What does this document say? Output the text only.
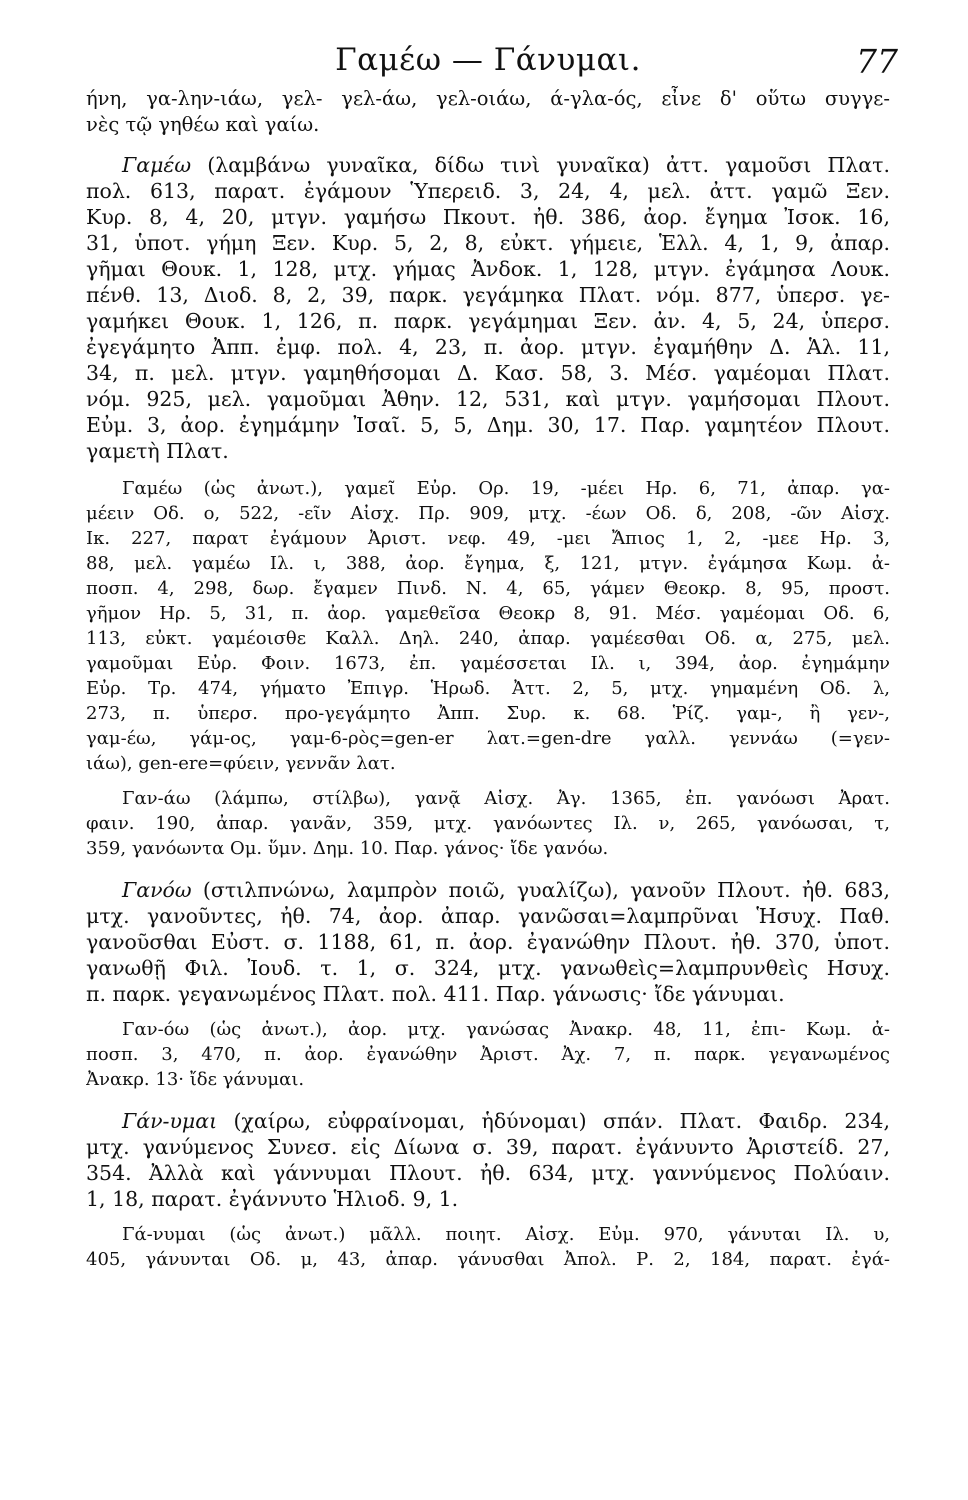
Γαμέω — Γάνυμαι.	77
ήνη, γα-λην-ιάω, γελ- γελ-άω, γελ-οιάω, ά-γλα-ός, εἶνε δ' οὕτω συγγε-
νὲς τῷ γηθέω καὶ γαίω.
Γαμέω (λαμβάνω γυναῖκα, δίδω τινὶ γυναῖκα) ἀττ. γαμοῦσι Πλατ.
πολ. 613, παρατ. ἐγάμουν Ὑπερειδ. 3, 24, 4, μελ. ἀττ. γαμῶ Ξεν.
Κυρ. 8, 4, 20, μτγν. γαμήσω Πκουτ. ἠθ. 386, ἀορ. ἔγημα Ἰσοκ. 16,
31, ὑποτ. γήμη Ξεν. Κυρ. 5, 2, 8, εὐκτ. γήμειε, Ἑλλ. 4, 1, 9, ἀπαρ.
γῆμαι Θουκ. 1, 128, μτχ. γήμας Ἀνδοκ. 1, 128, μτγν. ἐγάμησα Λουκ.
πένθ. 13, Διοδ. 8, 2, 39, παρκ. γεγάμηκα Πλατ. νόμ. 877, ὑπερσ. γε-
γαμήκει Θουκ. 1, 126, π. παρκ. γεγάμημαι Ξεν. ἀν. 4, 5, 24, ὑπερσ.
ἐγεγάμητο Ἀππ. ἐμφ. πολ. 4, 23, π. ἀορ. μτγν. ἐγαμήθην Δ. Ἁλ. 11,
34, π. μελ. μτγν. γαμηθήσομαι Δ. Κασ. 58, 3. Μέσ. γαμέομαι Πλατ.
νόμ. 925, μελ. γαμοῦμαι Ἀθην. 12, 531, καὶ μτγν. γαμήσομαι Πλουτ.
Εὐμ. 3, ἀορ. ἐγημάμην Ἰσαῖ. 5, 5, Δημ. 30, 17. Παρ. γαμητέον Πλουτ.
γαμετὴ Πλατ.
Γαμέω (ὡς ἀνωτ.), γαμεῖ Εὐρ. Ορ. 19, -μέει Ηρ. 6, 71, ἀπαρ. γα-
μέειν Οδ. ο, 522, -εῖν Αἰσχ. Πρ. 909, μτχ. -έων Οδ. δ, 208, -ῶν Αἰσχ.
Ικ. 227, παρατ ἐγάμουν Ἀριστ. νεφ. 49, -μει Ἄπιος 1, 2, -μεε Ηρ. 3,
88, μελ. γαμέω Ιλ. ι, 388, ἀορ. ἔγημα, ξ, 121, μτγν. ἐγάμησα Κωμ. ἀ-
ποσπ. 4, 298, δωρ. ἔγαμεν Πινδ. Ν. 4, 65, γάμεν Θεοκρ. 8, 95, προστ.
γῆμον Ηρ. 5, 31, π. ἀορ. γαμεθεῖσα Θεοκρ 8, 91. Μέσ. γαμέομαι Οδ. 6,
113, εὐκτ. γαμέοισθε Καλλ. Δηλ. 240, ἀπαρ. γαμέεσθαι Οδ. α, 275, μελ.
γαμοῦμαι Εὐρ. Φοιν. 1673, ἐπ. γαμέσσεται Ιλ. ι, 394, ἀορ. ἐγημάμην
Εὐρ. Τρ. 474, γήματο Ἐπιγρ. Ἡρωδ. Ἀττ. 2, 5, μτχ. γημαμένη Οδ. λ,
273, π. ὑπερσ. προ-γεγάμητο Ἀππ. Συρ. κ. 68. Ῥίζ. γαμ-, ἢ γεν-,
γαμ-έω, γάμ-ος, γαμ-6-ρὸς=gen-er λατ.=gen-dre γαλλ. γεννάω (=γεν-
ιάω), gen-ere=φύειν, γεννᾶν λατ.
Γαν-άω (λάμπω, στίλβω), γανᾷ Αἰσχ. Ἀγ. 1365, ἐπ. γανόωσι Ἀρατ.
φαιν. 190, ἀπαρ. γανᾶν, 359, μτχ. γανόωντες Ιλ. ν, 265, γανόωσαι, τ,
359, γανόωντα Ομ. ὕμν. Δημ. 10. Παρ. γάνος· ἴδε γανόω.
Γανόω (στιλπνώνω, λαμπρὸν ποιῶ, γυαλίζω), γανοῦν Πλουτ. ἠθ. 683,
μτχ. γανοῦντες, ἠθ. 74, ἀορ. ἀπαρ. γανῶσαι=λαμπρῦναι Ἡσυχ. Παθ.
γανοῦσθαι Εὐστ. σ. 1188, 61, π. ἀορ. ἐγανώθην Πλουτ. ἠθ. 370, ὑποτ.
γανωθῇ Φιλ. Ἰουδ. τ. 1, σ. 324, μτχ. γανωθεὶς=λαμπρυνθεὶς Ησυχ.
π. παρκ. γεγανωμένος Πλατ. πολ. 411. Παρ. γάνωσις· ἴδε γάνυμαι.
Γαν-όω (ὡς ἀνωτ.), ἀορ. μτχ. γανώσας Ἀνακρ. 48, 11, ἐπι- Κωμ. ἀ-
ποσπ. 3, 470, π. ἀορ. ἐγανώθην Ἀριστ. Ἀχ. 7, π. παρκ. γεγανωμένος
Ἀνακρ. 13· ἴδε γάνυμαι.
Γάν-υμαι (χαίρω, εὐφραίνομαι, ἡδύνομαι) σπάν. Πλατ. Φαιδρ. 234,
μτχ. γανύμενος Συνεσ. εἰς Δίωνα σ. 39, παρατ. ἐγάνυντο Ἀριστείδ. 27,
354. Ἀλλὰ καὶ γάννυμαι Πλουτ. ἠθ. 634, μτχ. γαννύμενος Πολύαιν.
1, 18, παρατ. ἐγάννυτο Ἡλιοδ. 9, 1.
Γά-νυμαι (ὡς ἀνωτ.) μᾶλλ. ποιητ. Αἰσχ. Εὐμ. 970, γάνυται Ιλ. υ,
405, γάνυνται Οδ. μ, 43, ἀπαρ. γάνυσθαι Ἀπολ. Ρ. 2, 184, παρατ. ἐγά-
